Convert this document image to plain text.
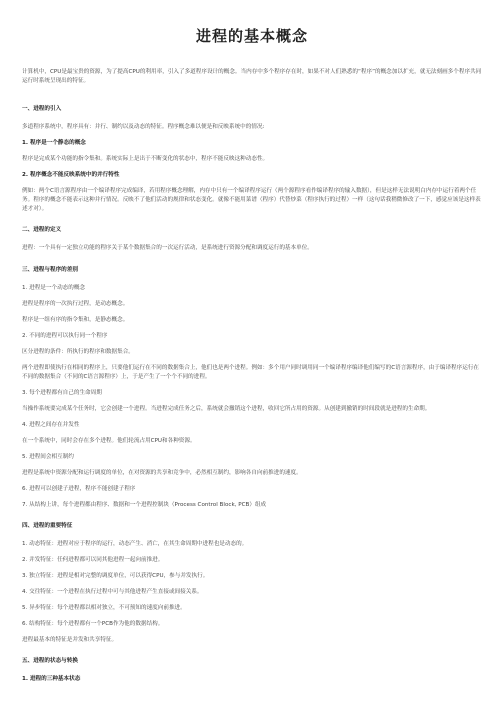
进程的基本概念

计算机中，CPU是最宝贵的资源，为了提高CPU的利用率，引入了多道程序设计的概念。当内存中多个程序存在时，如果不对人们熟悉的“程序”的概念加以扩充，就无法刻画多个程序共同运行时系统呈现出的特征。

一、进程的引入

多道程序系统中，程序具有：并行、制约以及动态的特征。程序概念难以便是和反映系统中的情况:

1. 程序是一个静态的概念

程序是完成某个功能的指令集和。系统实际上是出于不断变化的状态中，程序不能反映这种动态性。

2. 程序概念不能反映系统中的并行特性

例如：两个C语言源程序由一个编译程序完成编译，若用程序概念理解，内存中只有一个编译程序运行（两个源程序看作编译程序的输入数据），但是这样无法说明白内存中运行着两个任务。程序的概念不能表示这种并行情况。反映不了他们活动的规律和状态变化。就像不能用菜谱（程序）代替炒菜（程序执行的过程）一样（这句话我稍微修改了一下，感觉应该是这样表述才对）。

二、进程的定义

进程：一个具有一定独立功能的程序关于某个数据集合的一次运行活动，是系统进行资源分配和调度运行的基本单位。

三、进程与程序的差别

1. 进程是一个动态的概念

进程是程序的一次执行过程，是动态概念。

程序是一组有序的指令集和，是静态概念。

2. 不同的进程可以执行同一个程序

区分进程的条件：所执行的程序和数据集合。

两个进程即使执行在相同的程序上，只要他们运行在不同的数据集合上，他们也是两个进程。例如：多个用户同时调用同一个编译程序编译他们编写的C语言源程序，由于编译程序运行在不同的数据集合（不同的C语言源程序）上，于是产生了一个个不同的进程。

3. 每个进程都有自己的生命周期

当操作系统要完成某个任务时，它会创建一个进程。当进程完成任务之后，系统就会撤销这个进程，收回它所占用的资源。从创建到撤销的时间段就是进程的生命期。

4. 进程之间存在并发性

在一个系统中，同时会存在多个进程。他们轮流占用CPU和各种资源。

5. 进程间会相互制约

进程是系统中资源分配和运行调度的单位，在对资源的共享和竞争中，必然相互制约，影响各自向前推进的速度。

6. 进程可以创建子进程，程序不能创建子程序

7. 从结构上讲，每个进程都由程序、数据和一个进程控制块（Process Control Block, PCB）组成

四、进程的重要特征

1. 动态特征：进程对应于程序的运行，动态产生、消亡，在其生命周期中进程也是动态的。

2. 并发特征：任何进程都可以同其他进程一起向前推进。

3. 独立特征：进程是相对完整的调度单位，可以获得CPU，参与并发执行。

4. 交往特征：一个进程在执行过程中可与其他进程产生直接或间接关系。

5. 异步特征：每个进程都以相对独立，不可预知的速度向前推进。

6. 结构特征：每个进程都有一个PCB作为他的数据结构。

进程最基本的特征是并发和共享特征。

五、进程的状态与转换
1. 进程的三种基本状态
